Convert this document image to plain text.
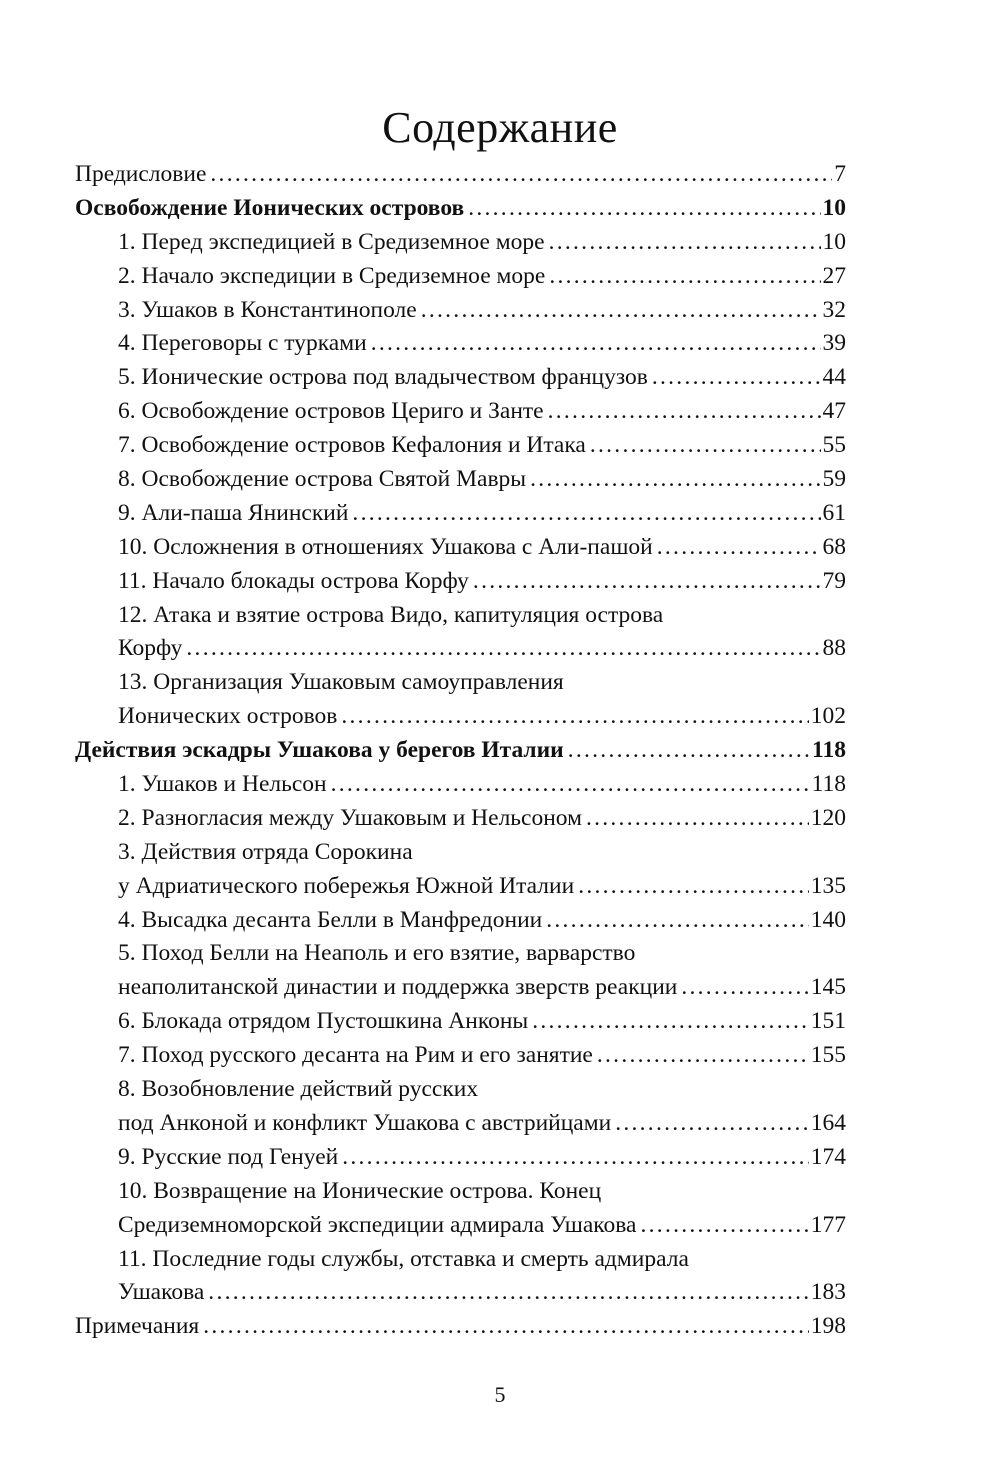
Содержание
Предисловие . . .	7
Освобождение Ионических островов . . .	10
1. Перед экспедицией в Средиземное море . . .	10
2. Начало экспедиции в Средиземное море . . .	27
3. Ушаков в Константинополе . . .	32
4. Переговоры с турками . . .	39
5. Ионические острова под владычеством французов . . .	44
6. Освобождение островов Цериго и Занте . . .	47
7. Освобождение островов Кефалония и Итака . . .	55
8. Освобождение острова Святой Мавры . . .	59
9. Али-паша Янинский . . .	61
10. Осложнения в отношениях Ушакова с Али-пашой . . .	68
11. Начало блокады острова Корфу . . .	79
12. Атака и взятие острова Видо, капитуляция острова
Корфу . . .	88
13. Организация Ушаковым самоуправления
Ионических островов . . .	102
Действия эскадры Ушакова у берегов Италии . . .	118
1. Ушаков и Нельсон . . .	118
2. Разногласия между Ушаковым и Нельсоном . . .	120
3. Действия отряда Сорокина
у Адриатического побережья Южной Италии . . .	135
4. Высадка десанта Белли в Манфредонии . . .	140
5. Поход Белли на Неаполь и его взятие, варварство
неаполитанской династии и поддержка зверств реакции . . .	145
6. Блокада отрядом Пустошкина Анконы . . .	151
7. Поход русского десанта на Рим и его занятие . . .	155
8. Возобновление действий русских
под Анконой и конфликт Ушакова с австрийцами . . .	164
9. Русские под Генуей . . .	174
10. Возвращение на Ионические острова. Конец
Средиземноморской экспедиции адмирала Ушакова . . .	177
11. Последние годы службы, отставка и смерть адмирала
Ушакова . . .	183
Примечания . . .	198
5
